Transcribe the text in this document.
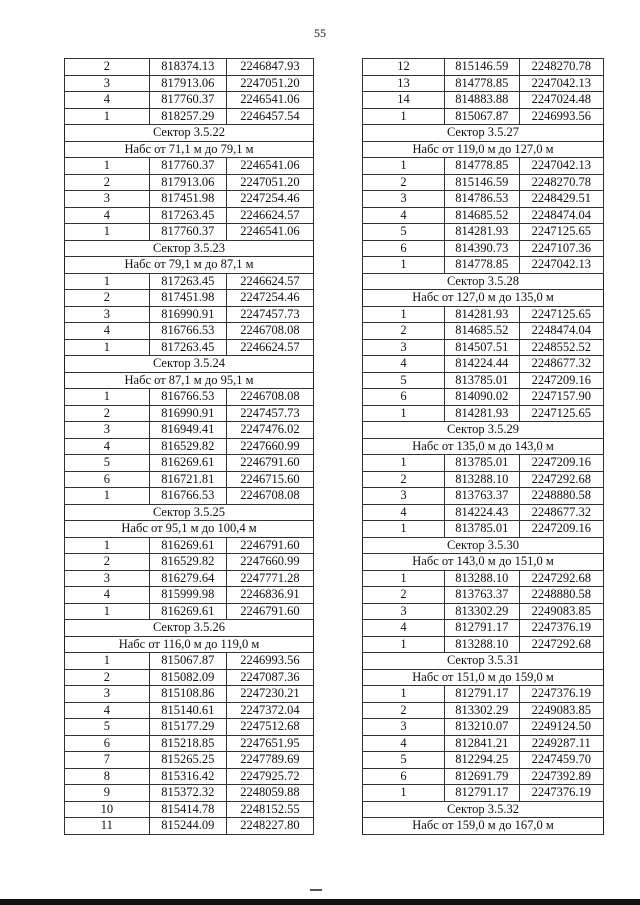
55
2	818374.13	2246847.93
3	817913.06	2247051.20
4	817760.37	2246541.06
1	818257.29	2246457.54
Сектор 3.5.22		
Набс от 71,1 м до 79,1 м		
1	817760.37	2246541.06
2	817913.06	2247051.20
3	817451.98	2247254.46
4	817263.45	2246624.57
1	817760.37	2246541.06
Сектор 3.5.23		
Набс от 79,1 м до 87,1 м		
1	817263.45	2246624.57
2	817451.98	2247254.46
3	816990.91	2247457.73
4	816766.53	2246708.08
1	817263.45	2246624.57
Сектор 3.5.24		
Набс от 87,1 м до 95,1 м		
1	816766.53	2246708.08
2	816990.91	2247457.73
3	816949.41	2247476.02
4	816529.82	2247660.99
5	816269.61	2246791.60
6	816721.81	2246715.60
1	816766.53	2246708.08
Сектор 3.5.25		
Набс от 95,1 м до 100,4 м		
1	816269.61	2246791.60
2	816529.82	2247660.99
3	816279.64	2247771.28
4	815999.98	2246836.91
1	816269.61	2246791.60
Сектор 3.5.26		
Набс от 116,0 м до 119,0 м		
1	815067.87	2246993.56
2	815082.09	2247087.36
3	815108.86	2247230.21
4	815140.61	2247372.04
5	815177.29	2247512.68
6	815218.85	2247651.95
7	815265.25	2247789.69
8	815316.42	2247925.72
9	815372.32	2248059.88
10	815414.78	2248152.55
11	815244.09	2248227.80
12	815146.59	2248270.78
13	814778.85	2247042.13
14	814883.88	2247024.48
1	815067.87	2246993.56
Сектор 3.5.27		
Набс от 119,0 м до 127,0 м		
1	814778.85	2247042.13
2	815146.59	2248270.78
3	814786.53	2248429.51
4	814685.52	2248474.04
5	814281.93	2247125.65
6	814390.73	2247107.36
1	814778.85	2247042.13
Сектор 3.5.28		
Набс от 127,0 м до 135,0 м		
1	814281.93	2247125.65
2	814685.52	2248474.04
3	814507.51	2248552.52
4	814224.44	2248677.32
5	813785.01	2247209.16
6	814090.02	2247157.90
1	814281.93	2247125.65
Сектор 3.5.29		
Набс от 135,0 м до 143,0 м		
1	813785.01	2247209.16
2	813288.10	2247292.68
3	813763.37	2248880.58
4	814224.43	2248677.32
1	813785.01	2247209.16
Сектор 3.5.30		
Набс от 143,0 м до 151,0 м		
1	813288.10	2247292.68
2	813763.37	2248880.58
3	813302.29	2249083.85
4	812791.17	2247376.19
1	813288.10	2247292.68
Сектор 3.5.31		
Набс от 151,0 м до 159,0 м		
1	812791.17	2247376.19
2	813302.29	2249083.85
3	813210.07	2249124.50
4	812841.21	2249287.11
5	812294.25	2247459.70
6	812691.79	2247392.89
1	812791.17	2247376.19
Сектор 3.5.32		
Набс от 159,0 м до 167,0 м		
